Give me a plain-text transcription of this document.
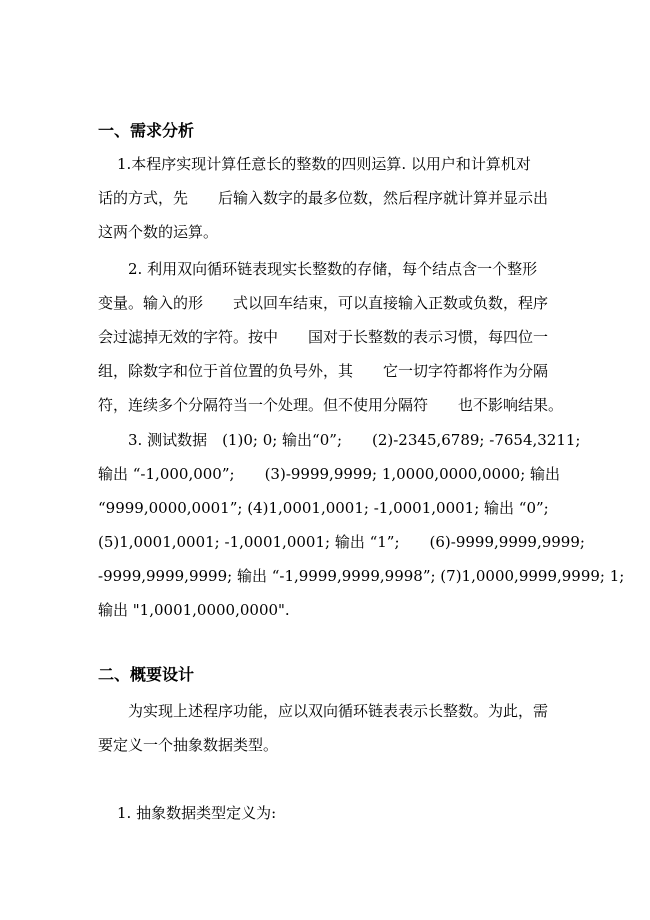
一、需求分析
1.本程序实现计算任意长的整数的四则运算. 以用户和计算机对
话的方式，先　　后输入数字的最多位数，然后程序就计算并显示出
这两个数的运算。
2. 利用双向循环链表现实长整数的存储，每个结点含一个整形
变量。输入的形　　式以回车结束，可以直接输入正数或负数，程序
会过滤掉无效的字符。按中　　国对于长整数的表示习惯，每四位一
组，除数字和位于首位置的负号外，其　　它一切字符都将作为分隔
符，连续多个分隔符当一个处理。但不使用分隔符　　也不影响结果。
3. 测试数据　(1)0; 0; 输出“0”;　　(2)-2345,6789; -7654,3211;
输出 “-1,000,000”;　　(3)-9999,9999; 1,0000,0000,0000; 输出
“9999,0000,0001”; (4)1,0001,0001; -1,0001,0001; 输出 “0”;
(5)1,0001,0001; -1,0001,0001; 输出 “1”;　　(6)-9999,9999,9999;
-9999,9999,9999; 输出 “-1,9999,9999,9998”; (7)1,0000,9999,9999; 1;
输出 "1,0001,0000,0000".
二、概要设计
为实现上述程序功能，应以双向循环链表表示长整数。为此，需
要定义一个抽象数据类型。
1. 抽象数据类型定义为:
